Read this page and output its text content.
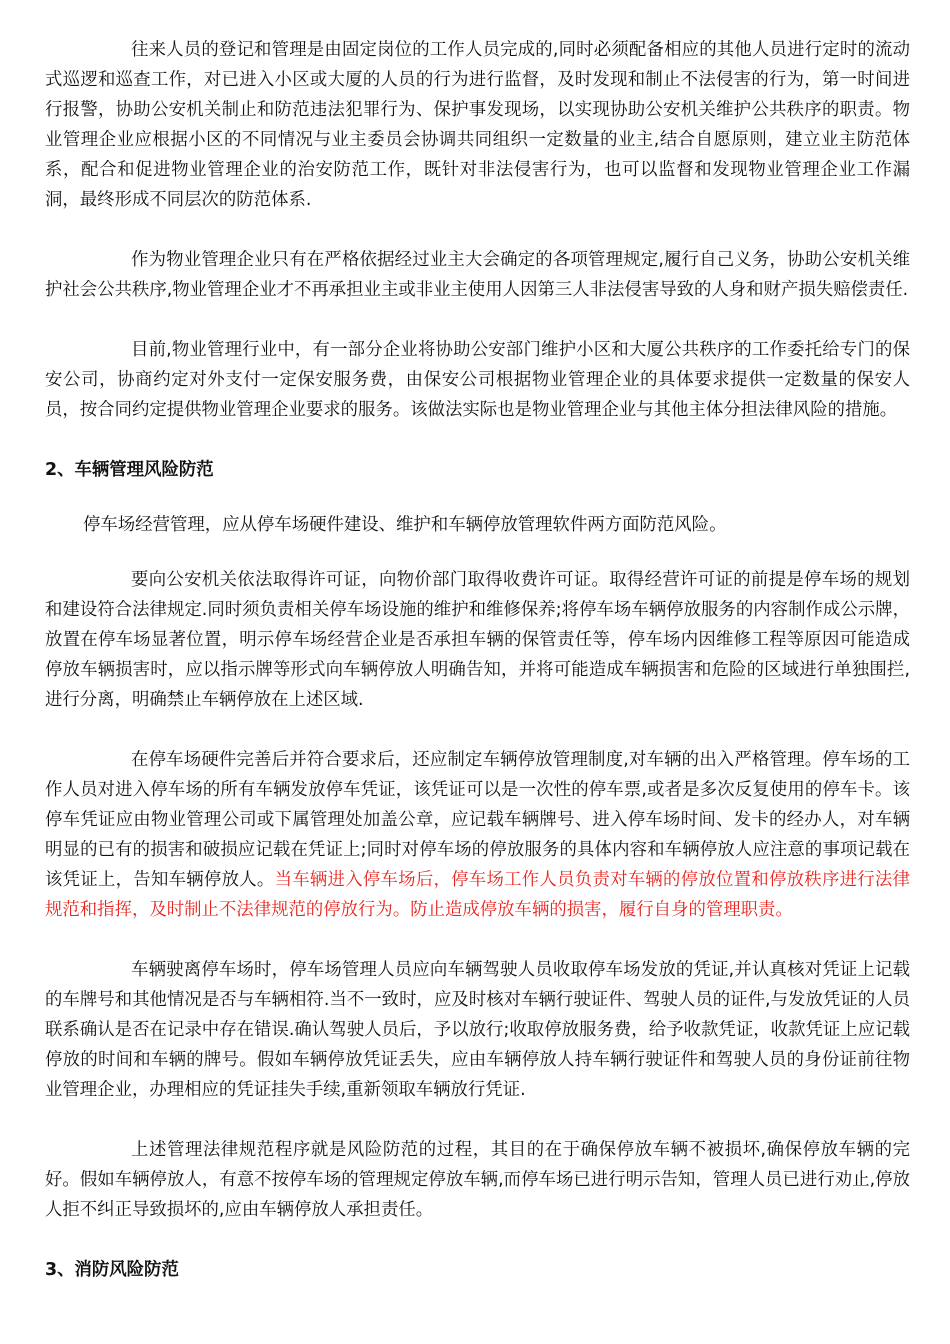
往来人员的登记和管理是由固定岗位的工作人员完成的,同时必须配备相应的其他人员进行定时的流动式巡逻和巡查工作，对已进入小区或大厦的人员的行为进行监督，及时发现和制止不法侵害的行为，第一时间进行报警，协助公安机关制止和防范违法犯罪行为、保护事发现场，以实现协助公安机关维护公共秩序的职责。物业管理企业应根据小区的不同情况与业主委员会协调共同组织一定数量的业主,结合自愿原则，建立业主防范体系，配合和促进物业管理企业的治安防范工作，既针对非法侵害行为，也可以监督和发现物业管理企业工作漏洞，最终形成不同层次的防范体系.

作为物业管理企业只有在严格依据经过业主大会确定的各项管理规定,履行自己义务，协助公安机关维护社会公共秩序,物业管理企业才不再承担业主或非业主使用人因第三人非法侵害导致的人身和财产损失赔偿责任.

目前,物业管理行业中，有一部分企业将协助公安部门维护小区和大厦公共秩序的工作委托给专门的保安公司，协商约定对外支付一定保安服务费，由保安公司根据物业管理企业的具体要求提供一定数量的保安人员，按合同约定提供物业管理企业要求的服务。该做法实际也是物业管理企业与其他主体分担法律风险的措施。

2、车辆管理风险防范

停车场经营管理，应从停车场硬件建设、维护和车辆停放管理软件两方面防范风险。

要向公安机关依法取得许可证，向物价部门取得收费许可证。取得经营许可证的前提是停车场的规划和建设符合法律规定.同时须负责相关停车场设施的维护和维修保养;将停车场车辆停放服务的内容制作成公示牌，放置在停车场显著位置，明示停车场经营企业是否承担车辆的保管责任等，停车场内因维修工程等原因可能造成停放车辆损害时，应以指示牌等形式向车辆停放人明确告知，并将可能造成车辆损害和危险的区域进行单独围拦,进行分离，明确禁止车辆停放在上述区域.

在停车场硬件完善后并符合要求后，还应制定车辆停放管理制度,对车辆的出入严格管理。停车场的工作人员对进入停车场的所有车辆发放停车凭证，该凭证可以是一次性的停车票,或者是多次反复使用的停车卡。该停车凭证应由物业管理公司或下属管理处加盖公章，应记载车辆牌号、进入停车场时间、发卡的经办人，对车辆明显的已有的损害和破损应记载在凭证上;同时对停车场的停放服务的具体内容和车辆停放人应注意的事项记载在该凭证上，告知车辆停放人。当车辆进入停车场后，停车场工作人员负责对车辆的停放位置和停放秩序进行法律规范和指挥，及时制止不法律规范的停放行为。防止造成停放车辆的损害，履行自身的管理职责。

车辆驶离停车场时，停车场管理人员应向车辆驾驶人员收取停车场发放的凭证,并认真核对凭证上记载的车牌号和其他情况是否与车辆相符.当不一致时，应及时核对车辆行驶证件、驾驶人员的证件,与发放凭证的人员联系确认是否在记录中存在错误.确认驾驶人员后，予以放行;收取停放服务费，给予收款凭证，收款凭证上应记载停放的时间和车辆的牌号。假如车辆停放凭证丢失，应由车辆停放人持车辆行驶证件和驾驶人员的身份证前往物业管理企业，办理相应的凭证挂失手续,重新领取车辆放行凭证.

上述管理法律规范程序就是风险防范的过程，其目的在于确保停放车辆不被损坏,确保停放车辆的完好。假如车辆停放人，有意不按停车场的管理规定停放车辆,而停车场已进行明示告知，管理人员已进行劝止,停放人拒不纠正导致损坏的,应由车辆停放人承担责任。

3、消防风险防范
